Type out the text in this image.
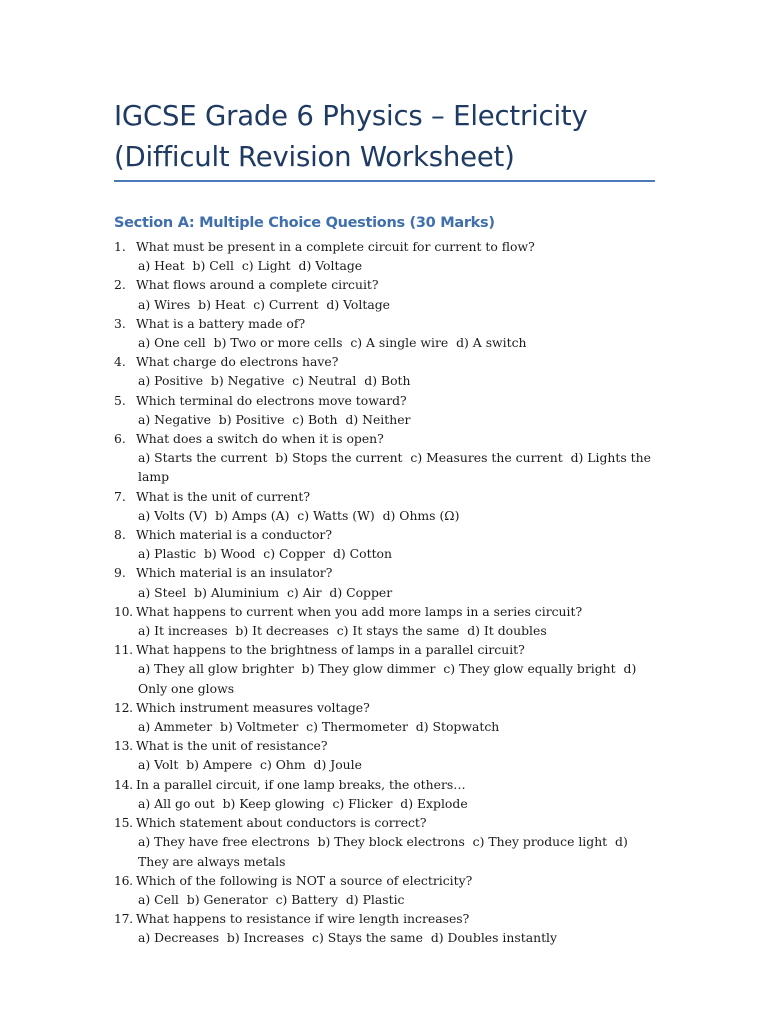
IGCSE Grade 6 Physics – Electricity
(Difficult Revision Worksheet)
Section A: Multiple Choice Questions (30 Marks)
1. What must be present in a complete circuit for current to flow?
a) Heat  b) Cell  c) Light  d) Voltage
2. What flows around a complete circuit?
a) Wires  b) Heat  c) Current  d) Voltage
3. What is a battery made of?
a) One cell  b) Two or more cells  c) A single wire  d) A switch
4. What charge do electrons have?
a) Positive  b) Negative  c) Neutral  d) Both
5. Which terminal do electrons move toward?
a) Negative  b) Positive  c) Both  d) Neither
6. What does a switch do when it is open?
a) Starts the current  b) Stops the current  c) Measures the current  d) Lights the lamp
7. What is the unit of current?
a) Volts (V)  b) Amps (A)  c) Watts (W)  d) Ohms (Ω)
8. Which material is a conductor?
a) Plastic  b) Wood  c) Copper  d) Cotton
9. Which material is an insulator?
a) Steel  b) Aluminium  c) Air  d) Copper
10. What happens to current when you add more lamps in a series circuit?
a) It increases  b) It decreases  c) It stays the same  d) It doubles
11. What happens to the brightness of lamps in a parallel circuit?
a) They all glow brighter  b) They glow dimmer  c) They glow equally bright  d) Only one glows
12. Which instrument measures voltage?
a) Ammeter  b) Voltmeter  c) Thermometer  d) Stopwatch
13. What is the unit of resistance?
a) Volt  b) Ampere  c) Ohm  d) Joule
14. In a parallel circuit, if one lamp breaks, the others…
a) All go out  b) Keep glowing  c) Flicker  d) Explode
15. Which statement about conductors is correct?
a) They have free electrons  b) They block electrons  c) They produce light  d) They are always metals
16. Which of the following is NOT a source of electricity?
a) Cell  b) Generator  c) Battery  d) Plastic
17. What happens to resistance if wire length increases?
a) Decreases  b) Increases  c) Stays the same  d) Doubles instantly
